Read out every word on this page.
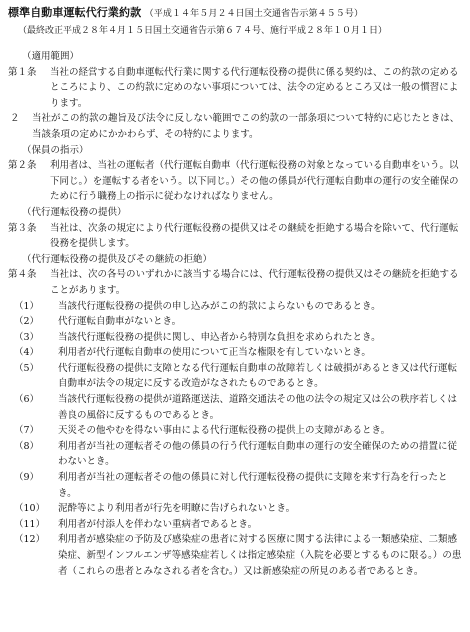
標準自動車運転代行業約款 （平成１４年５月２４日国土交通省告示第４５５号）
（最終改正平成２８年４月１５日国土交通省告示第６７４号、施行平成２８年１０月１日）
（適用範囲）
第１条	当社の経営する自動車運転代行業に関する代行運転役務の提供に係る契約は、この約款の定めるところにより、この約款に定めのない事項については、法令の定めるところ又は一般の慣習によります。
２	当社がこの約款の趣旨及び法令に反しない範囲でこの約款の一部条項について特約に応じたときは、当該条項の定めにかかわらず、その特約によります。
（保員の指示）
第２条	利用者は、当社の運転者（代行運転自動車（代行運転役務の対象となっている自動車をいう。以下同じ。）を運転する者をいう。以下同じ。）その他の係員が代行運転自動車の運行の安全確保のために行う職務上の指示に従わなければなりません。
（代行運転役務の提供）
第３条	当社は、次条の規定により代行運転役務の提供又はその継続を拒絶する場合を除いて、代行運転役務を提供します。
（代行運転役務の提供及びその継続の拒絶）
第４条	当社は、次の各号のいずれかに該当する場合には、代行運転役務の提供又はその継続を拒絶することがあります。
（1）	当該代行運転役務の提供の申し込みがこの約款によらないものであるとき。
（2）	代行運転自動車がないとき。
（3）	当該代行運転役務の提供に関し、申込者から特別な負担を求められたとき。
（4）	利用者が代行運転自動車の使用について正当な権限を有していないとき。
（5）	代行運転役務の提供に支障となる代行運転自動車の故障若しくは破損があるとき又は代行運転自動車が法令の規定に反する改造がなされたものであるとき。
（6）	当該代行運転役務の提供が道路運送法、道路交通法その他の法令の規定又は公の秩序若しくは善良の風俗に反するものであるとき。
（7）	天災その他やむを得ない事由による代行運転役務の提供上の支障があるとき。
（8）	利用者が当社の運転者その他の係員の行う代行運転自動車の運行の安全確保のための措置に従わないとき。
（9）	利用者が当社の運転者その他の係員に対し代行運転役務の提供に支障を来す行為を行ったとき。
（10）	泥酔等により利用者が行先を明瞭に告げられないとき。
（11）	利用者が付添人を伴わない重病者であるとき。
（12）	利用者が感染症の予防及び感染症の患者に対する医療に関する法律による一類感染症、二類感染症、新型インフルエンザ等感染症若しくは指定感染症（入院を必要とするものに限る。）の患者（これらの患者とみなされる者を含む。）又は新感染症の所見のある者であるとき。
